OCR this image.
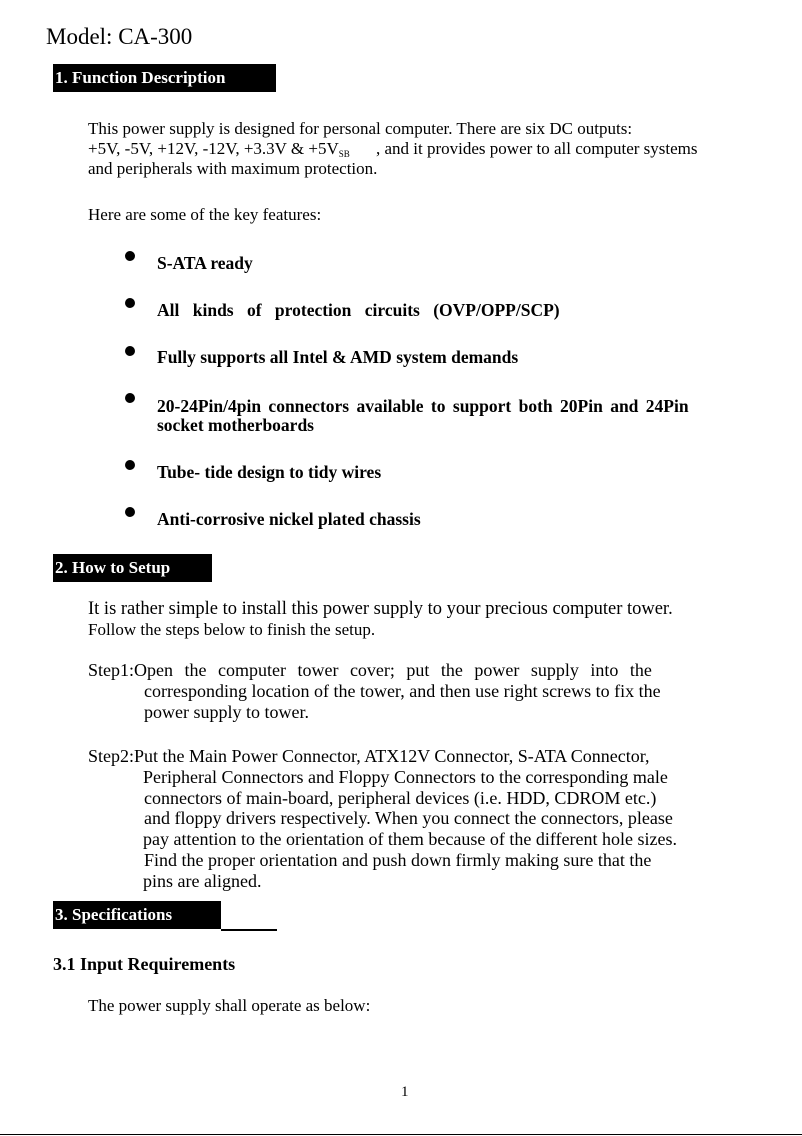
Model: CA-300
1. Function Description
This power supply is designed for personal computer. There are six DC outputs:
+5V, -5V, +12V, -12V, +3.3V & +5VSB , and it provides power to all computer systems
and peripherals with maximum protection.
Here are some of the key features:
S-ATA ready
All kinds of protection circuits (OVP/OPP/SCP)
Fully supports all Intel & AMD system demands
20-24Pin/4pin connectors available to support both 20Pin and 24Pin
socket motherboards
Tube- tide design to tidy wires
Anti-corrosive nickel plated chassis
2. How to Setup
It is rather simple to install this power supply to your precious computer tower.
Follow the steps below to finish the setup.
Step1:Open the computer tower cover; put the power supply into the
corresponding location of the tower, and then use right screws to fix the
power supply to tower.
Step2:Put the Main Power Connector, ATX12V Connector, S-ATA Connector,
Peripheral Connectors and Floppy Connectors to the corresponding male
connectors of main-board, peripheral devices (i.e. HDD, CDROM etc.)
and floppy drivers respectively. When you connect the connectors, please
pay attention to the orientation of them because of the different hole sizes.
Find the proper orientation and push down firmly making sure that the
pins are aligned.
3. Specifications
3.1 Input Requirements
The power supply shall operate as below:
1
